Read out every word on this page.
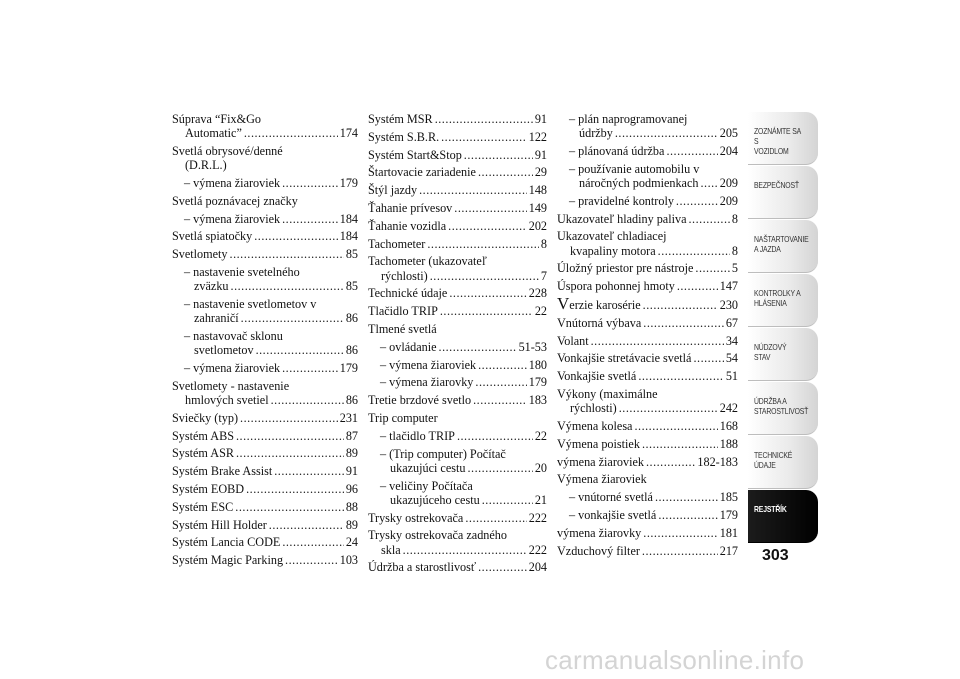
Súprava “Fix&Go
Automatic” .....	174
Svetlá obrysové/denné
(D.R.L.)
– výmena žiaroviek .....	179
Svetlá poznávacej značky
– výmena žiaroviek .....	184
Svetlá spiatočky .....	184
Svetlomety .....	85
– nastavenie svetelného
zväzku .....	85
– nastavenie svetlometov v
zahraničí .....	86
– nastavovač sklonu
svetlometov .....	86
– výmena žiaroviek .....	179
Svetlomety - nastavenie
hmlových svetiel .....	86
Sviečky (typ) .....	231
Systém ABS .....	87
Systém ASR .....	89
Systém Brake Assist .....	91
Systém EOBD .....	96
Systém ESC .....	88
Systém Hill Holder .....	89
Systém Lancia CODE .....	24
Systém Magic Parking .....	103
Systém MSR .....	91
Systém S.B.R. .....	122
Systém Start&Stop .....	91
Štartovacie zariadenie .....	29
Štýl jazdy .....	148
Ťahanie prívesov .....	149
Ťahanie vozidla .....	202
Tachometer .....	8
Tachometer (ukazovateľ
rýchlosti) .....	7
Technické údaje .....	228
Tlačidlo TRIP .....	22
Tlmené svetlá
– ovládanie .....	51-53
– výmena žiaroviek .....	180
– výmena žiarovky .....	179
Tretie brzdové svetlo .....	183
Trip computer
– tlačidlo TRIP .....	22
– (Trip computer) Počítač
ukazujúci cestu .....	20
– veličiny Počítača
ukazujúceho cestu .....	21
Trysky ostrekovača .....	222
Trysky ostrekovača zadného
skla .....	222
Údržba a starostlivosť .....	204
– plán naprogramovanej
údržby .....	205
– plánovaná údržba .....	204
– používanie automobilu v
náročných podmienkach ..... 209
– pravidelné kontroly .....	209
Ukazovateľ hladiny paliva .....	8
Ukazovateľ chladiacej
kvapaliny motora .....	8
Úložný priestor pre nástroje .....	5
Úspora pohonnej hmoty .....	147
Verzie karosérie .....	230
Vnútorná výbava .....	67
Volant .....	34
Vonkajšie stretávacie svetlá .....	54
Vonkajšie svetlá .....	51
Výkony (maximálne
rýchlosti) .....	242
Výmena kolesa .....	168
Výmena poistiek .....	188
výmena žiaroviek .....	182-183
Výmena žiaroviek
– vnútorné svetlá .....	185
– vonkajšie svetlá .....	179
výmena žiarovky .....	181
Vzduchový filter .....	217
ZOZNÁMTE SA S
VOZIDLOM
BEZPEČNOSŤ
NAŠTARTOVANIE
A JAZDA
KONTROLKY A
HLÁSENIA
NÚDZOVÝ STAV
ÚDRŽBA A
STAROSTLIVOSŤ
TECHNICKÉ
ÚDAJE
REJSTŘÍK
303
carmanualsonline.info
